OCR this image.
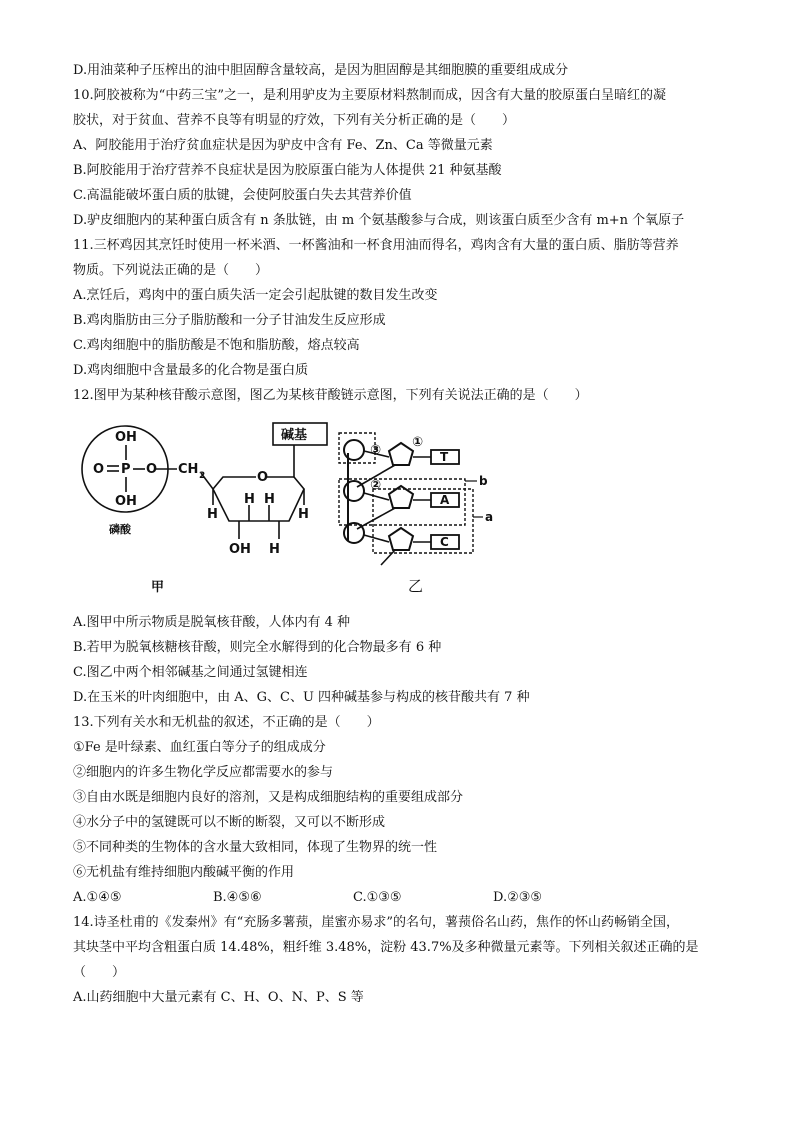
D.用油菜种子压榨出的油中胆固醇含量较高，是因为胆固醇是其细胞膜的重要组成成分
10.阿胶被称为“中药三宝”之一，是利用驴皮为主要原材料熬制而成，因含有大量的胶原蛋白呈暗红的凝
胶状，对于贫血、营养不良等有明显的疗效，下列有关分析正确的是（　　）
A、阿胶能用于治疗贫血症状是因为驴皮中含有 Fe、Zn、Ca 等微量元素
B.阿胶能用于治疗营养不良症状是因为胶原蛋白能为人体提供 21 种氨基酸
C.高温能破坏蛋白质的肽键，会使阿胶蛋白失去其营养价值
D.驴皮细胞内的某种蛋白质含有 n 条肽链，由 m 个氨基酸参与合成，则该蛋白质至少含有 m+n 个氧原子
11.三杯鸡因其烹饪时使用一杯米酒、一杯酱油和一杯食用油而得名，鸡肉含有大量的蛋白质、脂肪等营养
物质。下列说法正确的是（　　）
A.烹饪后，鸡肉中的蛋白质失活一定会引起肽键的数目发生改变
B.鸡肉脂肪由三分子脂肪酸和一分子甘油发生反应形成
C.鸡肉细胞中的脂肪酸是不饱和脂肪酸，熔点较高
D.鸡肉细胞中含量最多的化合物是蛋白质
12.图甲为某种核苷酸示意图，图乙为某核苷酸链示意图，下列有关说法正确的是（　　）
OH
O P O
OH
CH 2	O
H
H H
H
OH H
碱基
磷酸
甲
③
①
②
T
A
C
b
a
乙
A.图甲中所示物质是脱氧核苷酸，人体内有 4 种
B.若甲为脱氧核糖核苷酸，则完全水解得到的化合物最多有 6 种
C.图乙中两个相邻碱基之间通过氢键相连
D.在玉米的叶肉细胞中，由 A、G、C、U 四种碱基参与构成的核苷酸共有 7 种
13.下列有关水和无机盐的叙述，不正确的是（　　）
①Fe 是叶绿素、血红蛋白等分子的组成成分
②细胞内的许多生物化学反应都需要水的参与
③自由水既是细胞内良好的溶剂，又是构成细胞结构的重要组成部分
④水分子中的氢键既可以不断的断裂，又可以不断形成
⑤不同种类的生物体的含水量大致相同，体现了生物界的统一性
⑥无机盐有维持细胞内酸碱平衡的作用
A.①④⑤	B.④⑤⑥	C.①③⑤	D.②③⑤
14.诗圣杜甫的《发秦州》有“充肠多薯蓣，崖蜜亦易求”的名句，薯蓣俗名山药，焦作的怀山药畅销全国，
其块茎中平均含粗蛋白质 14.48%，粗纤维 3.48%，淀粉 43.7%及多种微量元素等。下列相关叙述正确的是
（　　）
A.山药细胞中大量元素有 C、H、O、N、P、S 等
